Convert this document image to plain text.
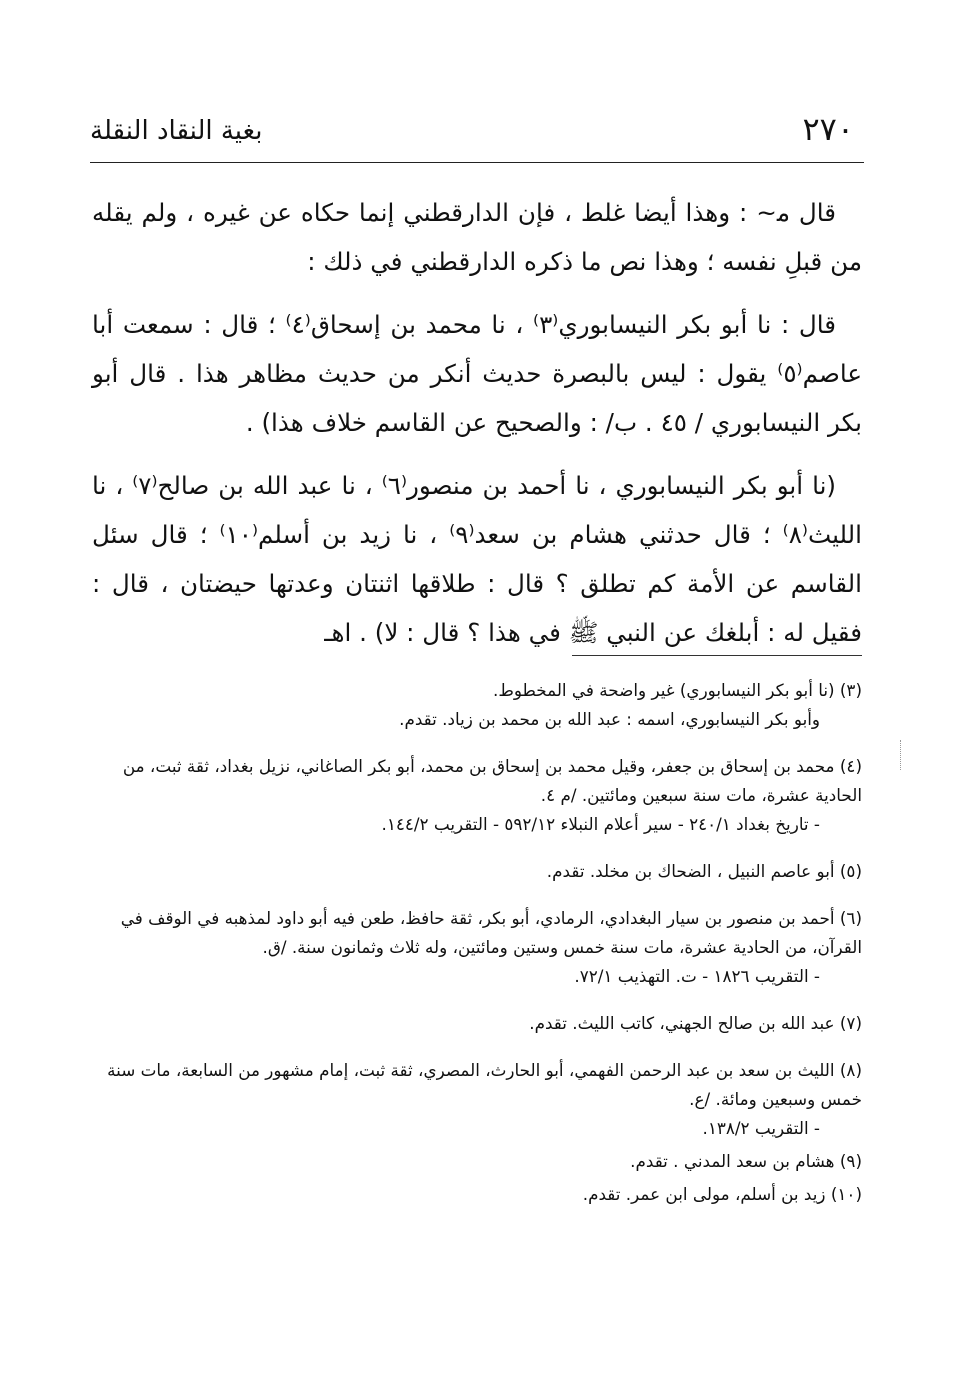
٢٧٠
بغية النقاد النقلة

قال م‍~ : وهذا أيضا غلط ، فإن الدارقطني إنما حكاه عن غيره ، ولم يقله من قبلِ نفسه ؛ وهذا نص ما ذكره الدارقطني في ذلك :

قال : نا أبو بكر النيسابوري⁽٣⁾ ، نا محمد بن إسحاق⁽٤⁾ ؛ قال : سمعت أبا عاصم⁽٥⁾ يقول : ليس بالبصرة حديث أنكر من حديث مظاهر هذا . قال أبو بكر النيسابوري / ٤٥ . ب/ : والصحيح عن القاسم خلاف هذا) .

(نا أبو بكر النيسابوري ، نا أحمد بن منصور⁽٦⁾ ، نا عبد الله بن صالح⁽٧⁾ ، نا الليث⁽٨⁾ ؛ قال حدثني هشام بن سعد⁽٩⁾ ، نا زيد بن أسلم⁽١٠⁾ ؛ قال سئل القاسم عن الأمة كم تطلق ؟ قال : طلاقها اثنتان وعدتها حيضتان ، قال : فقيل له : أبلغك عن النبي ﷺ في هذا ؟ قال : لا) . اهـ

(٣) (نا أبو بكر النيسابوري) غير واضحة في المخطوط.

وأبو بكر النيسابوري، اسمه : عبد الله بن محمد بن زياد. تقدم.

(٤) محمد بن إسحاق بن جعفر، وقيل محمد بن إسحاق بن محمد، أبو بكر الصاغاني، نزيل بغداد، ثقة ثبت، من الحادية عشرة، مات سنة سبعين ومائتين. /م ٤.

- تاريخ بغداد ٢٤٠/١ - سير أعلام النبلاء ٥٩٢/١٢ - التقريب ١٤٤/٢.

(٥) أبو عاصم النبيل ، الضحاك بن مخلد. تقدم.

(٦) أحمد بن منصور بن سيار البغدادي، الرمادي، أبو بكر، ثقة حافظ، طعن فيه أبو داود لمذهبه في الوقف في القرآن، من الحادية عشرة، مات سنة خمس وستين ومائتين، وله ثلاث وثمانون سنة. /ق.

- التقريب ١٨٢٦ - ت. التهذيب ٧٢/١.

(٧) عبد الله بن صالح الجهني، كاتب الليث. تقدم.

(٨) الليث بن سعد بن عبد الرحمن الفهمي، أبو الحارث، المصري، ثقة ثبت، إمام مشهور من السابعة، مات سنة خمس وسبعين ومائة. /ع.

- التقريب ١٣٨/٢.

(٩) هشام بن سعد المدني . تقدم.

(١٠) زيد بن أسلم، مولى ابن عمر. تقدم.
